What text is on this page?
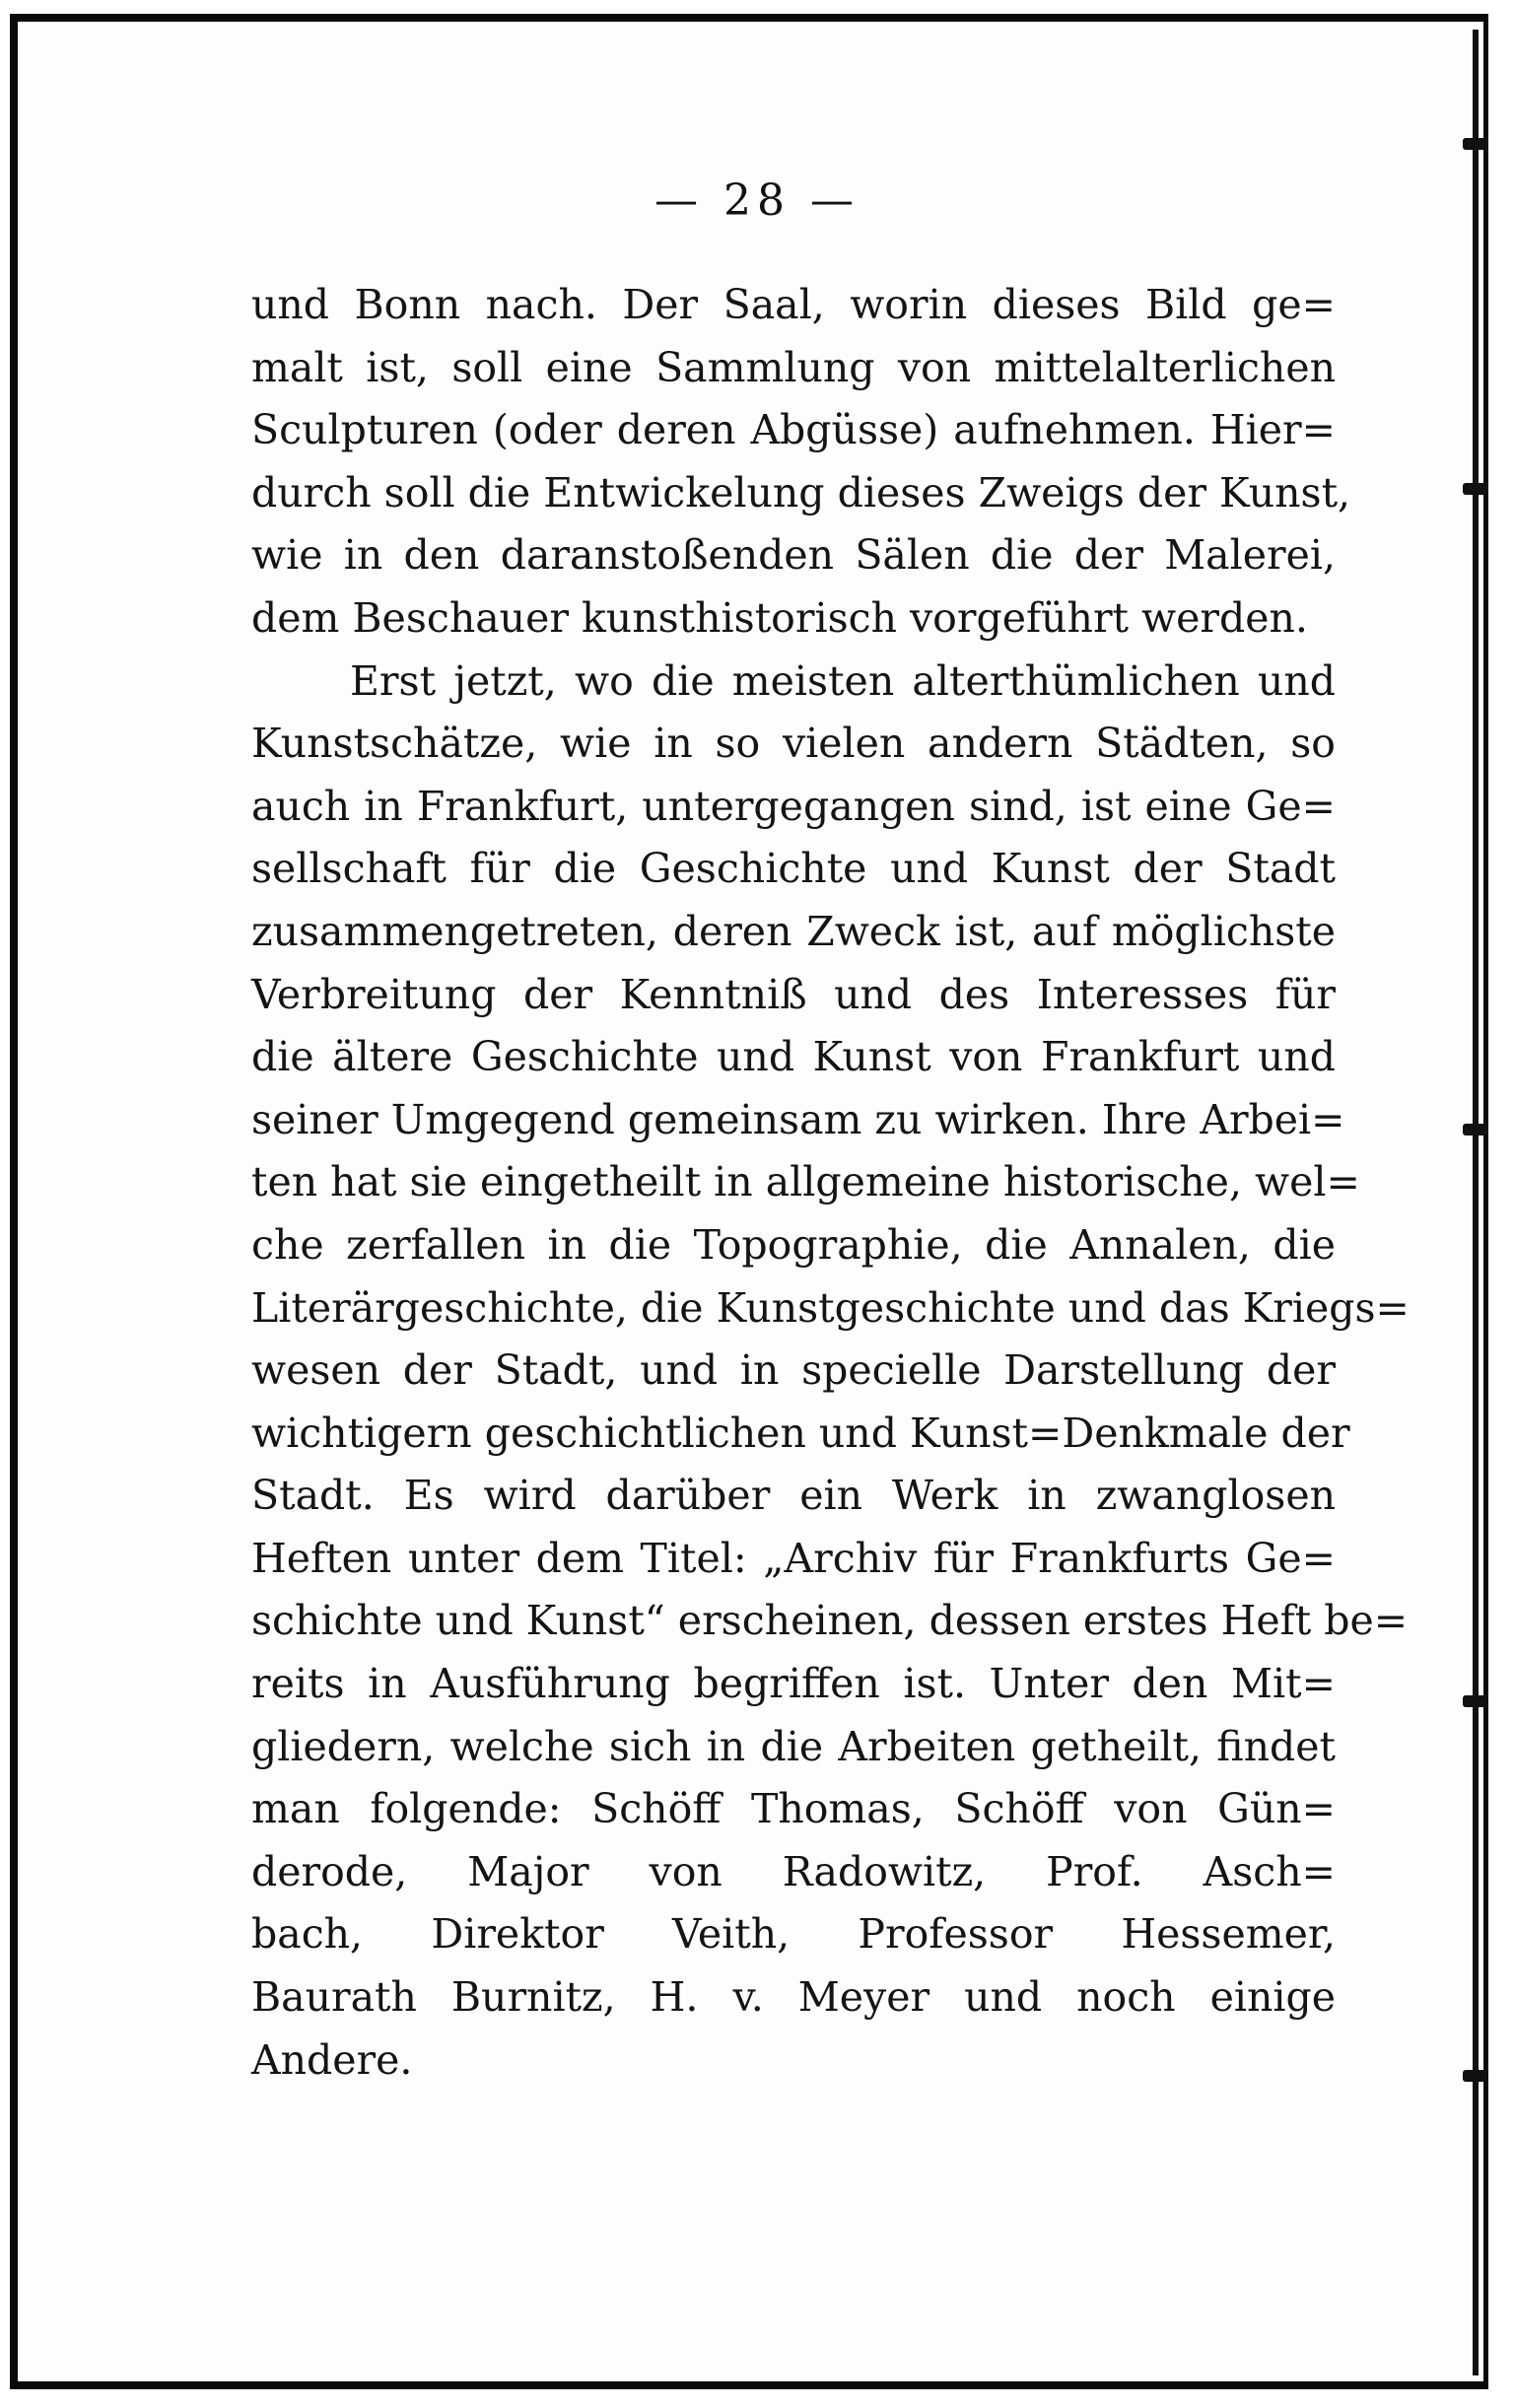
— 28 —
und Bonn nach. Der Saal, worin dieses Bild ge=
malt ist, soll eine Sammlung von mittelalterlichen
Sculpturen (oder deren Abgüsse) aufnehmen. Hier=
durch soll die Entwickelung dieses Zweigs der Kunst,
wie in den daranstoßenden Sälen die der Malerei,
dem Beschauer kunsthistorisch vorgeführt werden.
Erst jetzt, wo die meisten alterthümlichen und
Kunstschätze, wie in so vielen andern Städten, so
auch in Frankfurt, untergegangen sind, ist eine Ge=
sellschaft für die Geschichte und Kunst der Stadt
zusammengetreten, deren Zweck ist, auf möglichste
Verbreitung der Kenntniß und des Interesses für
die ältere Geschichte und Kunst von Frankfurt und
seiner Umgegend gemeinsam zu wirken. Ihre Arbei=
ten hat sie eingetheilt in allgemeine historische, wel=
che zerfallen in die Topographie, die Annalen, die
Literärgeschichte, die Kunstgeschichte und das Kriegs=
wesen der Stadt, und in specielle Darstellung der
wichtigern geschichtlichen und Kunst=Denkmale der
Stadt. Es wird darüber ein Werk in zwanglosen
Heften unter dem Titel: „Archiv für Frankfurts Ge=
schichte und Kunst“ erscheinen, dessen erstes Heft be=
reits in Ausführung begriffen ist. Unter den Mit=
gliedern, welche sich in die Arbeiten getheilt, findet
man folgende: Schöff Thomas, Schöff von Gün=
derode, Major von Radowitz, Prof. Asch=
bach, Direktor Veith, Professor Hessemer,
Baurath Burnitz, H. v. Meyer und noch einige
Andere.
